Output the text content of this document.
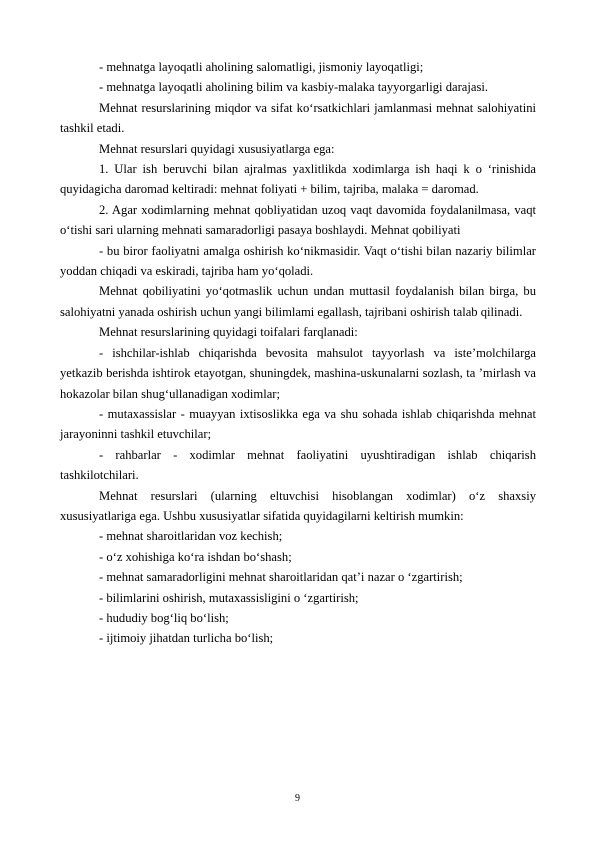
- mehnatga layoqatli aholining salomatligi, jismoniy layoqatligi;

- mehnatga layoqatli aholining bilim va kasbiy-malaka tayyorgarligi darajasi.

Mehnat resurslarining miqdor va sifat ko‘rsatkichlari jamlanmasi mehnat salohiyatini tashkil etadi.

Mehnat resurslari quyidagi xususiyatlarga ega:

1. Ular ish beruvchi bilan ajralmas yaxlitlikda xodimlarga ish haqi k o ‘rinishida quyidagicha daromad keltiradi: mehnat foliyati + bilim, tajriba, malaka = daromad.

2. Agar xodimlarning mehnat qobliyatidan uzoq vaqt davomida foydalanilmasa, vaqt o‘tishi sari ularning mehnati samaradorligi pasaya boshlaydi. Mehnat qobiliyati

- bu biror faoliyatni amalga oshirish ko‘nikmasidir. Vaqt o‘tishi bilan nazariy bilimlar yoddan chiqadi va eskiradi, tajriba ham yo‘qoladi.

Mehnat qobiliyatini yo‘qotmaslik uchun undan muttasil foydalanish bilan birga, bu salohiyatni yanada oshirish uchun yangi bilimlami egallash, tajribani oshirish talab qilinadi.

Mehnat resurslarining quyidagi toifalari farqlanadi:

- ishchilar-ishlab chiqarishda bevosita mahsulot tayyorlash va iste’molchilarga yetkazib berishda ishtirok etayotgan, shuningdek, mashina-uskunalarni sozlash, ta ’mirlash va hokazolar bilan shug‘ullanadigan xodimlar;

- mutaxassislar - muayyan ixtisoslikka ega va shu sohada ishlab chiqarishda mehnat jarayoninni tashkil etuvchilar;

- rahbarlar - xodimlar mehnat faoliyatini uyushtiradigan ishlab chiqarish tashkilotchilari.

Mehnat resurslari (ularning eltuvchisi hisoblangan xodimlar) o‘z shaxsiy xususiyatlariga ega. Ushbu xususiyatlar sifatida quyidagilarni keltirish mumkin:

- mehnat sharoitlaridan voz kechish;

- o‘z xohishiga ko‘ra ishdan bo‘shash;

- mehnat samaradorligini mehnat sharoitlaridan qat’i nazar o ‘zgartirish;

- bilimlarini oshirish, mutaxassisligini o ‘zgartirish;

- hududiy bog‘liq bo‘lish;

- ijtimoiy jihatdan turlicha bo‘lish;

9
